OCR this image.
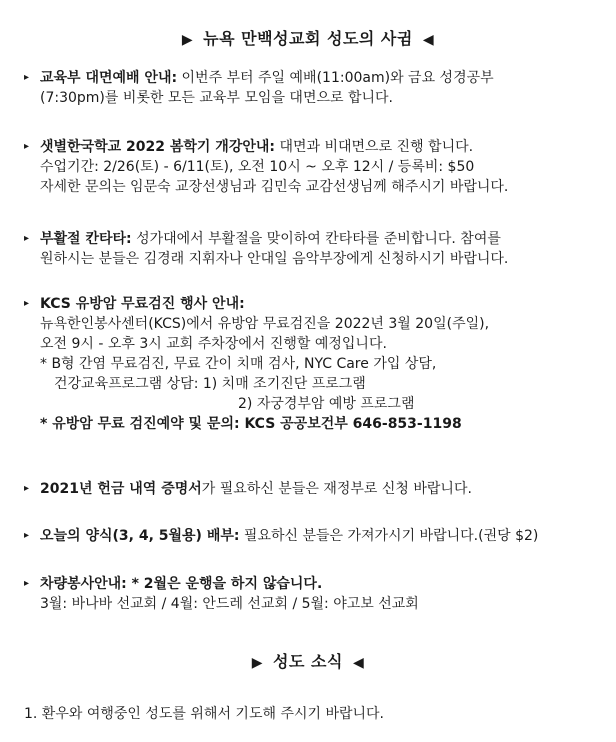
▶ 뉴욕 만백성교회 성도의 사귐 ◀
▸ 교육부 대면예배 안내: 이번주 부터 주일 예배(11:00am)와 금요 성경공부
(7:30pm)를 비롯한 모든 교육부 모임을 대면으로 합니다.
▸ 샛별한국학교 2022 봄학기 개강안내: 대면과 비대면으로 진행 합니다.
수업기간: 2/26(토) - 6/11(토), 오전 10시 ~ 오후 12시 / 등록비: $50
자세한 문의는 임문숙 교장선생님과 김민숙 교감선생님께 해주시기 바랍니다.
▸ 부활절 칸타타: 성가대에서 부활절을 맞이하여 칸타타를 준비합니다. 참여를
원하시는 분들은 김경래 지휘자나 안대일 음악부장에게 신청하시기 바랍니다.
▸ KCS 유방암 무료검진 행사 안내:
뉴욕한인봉사센터(KCS)에서 유방암 무료검진을 2022년 3월 20일(주일),
오전 9시 - 오후 3시 교회 주차장에서 진행할 예정입니다.
* B형 간염 무료검진, 무료 간이 치매 검사, NYC Care 가입 상담,
건강교육프로그램 상담: 1) 치매 조기진단 프로그램
2) 자궁경부암 예방 프로그램
* 유방암 무료 검진예약 및 문의: KCS 공공보건부 646-853-1198
▸ 2021년 헌금 내역 증명서가 필요하신 분들은 재정부로 신청 바랍니다.
▸ 오늘의 양식(3, 4, 5월용) 배부: 필요하신 분들은 가져가시기 바랍니다.(권당 $2)
▸ 차량봉사안내: * 2월은 운행을 하지 않습니다.
3월: 바나바 선교회 / 4월: 안드레 선교회 / 5월: 야고보 선교회
▶ 성도 소식 ◀
1. 환우와 여행중인 성도를 위해서 기도해 주시기 바랍니다.
